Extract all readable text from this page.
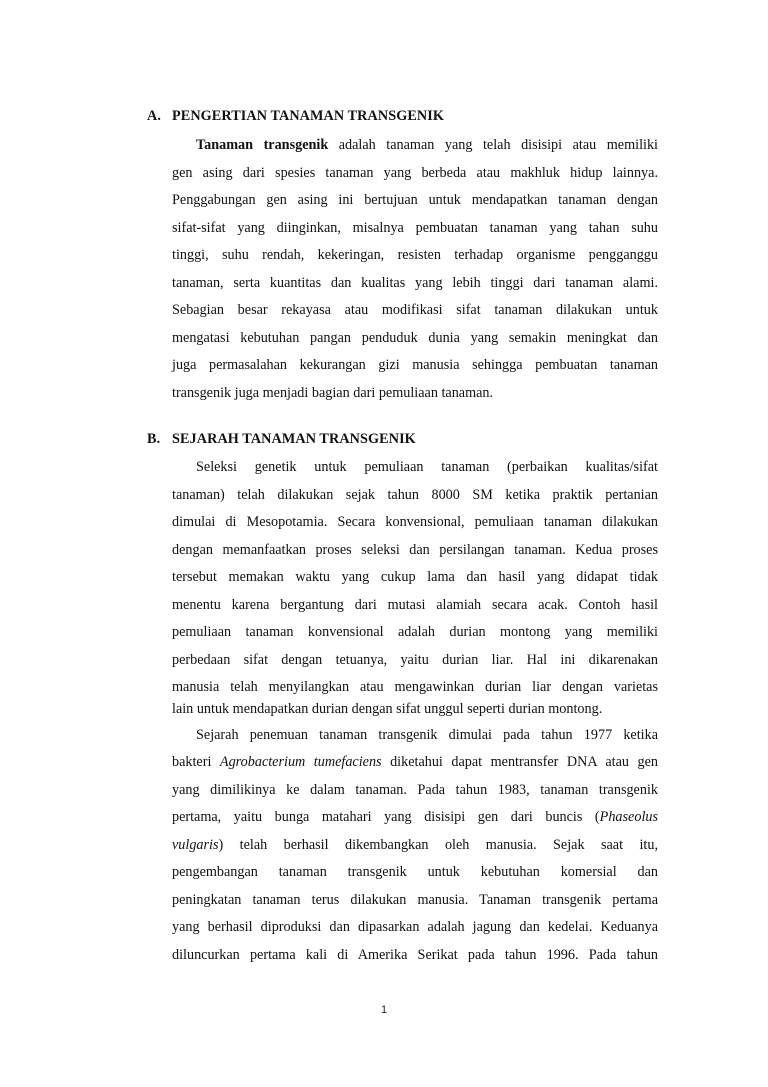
A. PENGERTIAN TANAMAN TRANSGENIK
Tanaman transgenik adalah tanaman yang telah disisipi atau memiliki
gen asing dari spesies tanaman yang berbeda atau makhluk hidup lainnya.
Penggabungan gen asing ini bertujuan untuk mendapatkan tanaman dengan
sifat-sifat yang diinginkan, misalnya pembuatan tanaman yang tahan suhu
tinggi, suhu rendah, kekeringan, resisten terhadap organisme pengganggu
tanaman, serta kuantitas dan kualitas yang lebih tinggi dari tanaman alami.
Sebagian besar rekayasa atau modifikasi sifat tanaman dilakukan untuk
mengatasi kebutuhan pangan penduduk dunia yang semakin meningkat dan
juga permasalahan kekurangan gizi manusia sehingga pembuatan tanaman
transgenik juga menjadi bagian dari pemuliaan tanaman.
B. SEJARAH TANAMAN TRANSGENIK
Seleksi genetik untuk pemuliaan tanaman (perbaikan kualitas/sifat
tanaman) telah dilakukan sejak tahun 8000 SM ketika praktik pertanian
dimulai di Mesopotamia. Secara konvensional, pemuliaan tanaman dilakukan
dengan memanfaatkan proses seleksi dan persilangan tanaman. Kedua proses
tersebut memakan waktu yang cukup lama dan hasil yang didapat tidak
menentu karena bergantung dari mutasi alamiah secara acak. Contoh hasil
pemuliaan tanaman konvensional adalah durian montong yang memiliki
perbedaan sifat dengan tetuanya, yaitu durian liar. Hal ini dikarenakan
manusia telah menyilangkan atau mengawinkan durian liar dengan varietas
lain untuk mendapatkan durian dengan sifat unggul seperti durian montong.
Sejarah penemuan tanaman transgenik dimulai pada tahun 1977 ketika
bakteri Agrobacterium tumefaciens diketahui dapat mentransfer DNA atau gen
yang dimilikinya ke dalam tanaman. Pada tahun 1983, tanaman transgenik
pertama, yaitu bunga matahari yang disisipi gen dari buncis (Phaseolus
vulgaris) telah berhasil dikembangkan oleh manusia. Sejak saat itu,
pengembangan tanaman transgenik untuk kebutuhan komersial dan
peningkatan tanaman terus dilakukan manusia. Tanaman transgenik pertama
yang berhasil diproduksi dan dipasarkan adalah jagung dan kedelai. Keduanya
diluncurkan pertama kali di Amerika Serikat pada tahun 1996. Pada tahun
1
